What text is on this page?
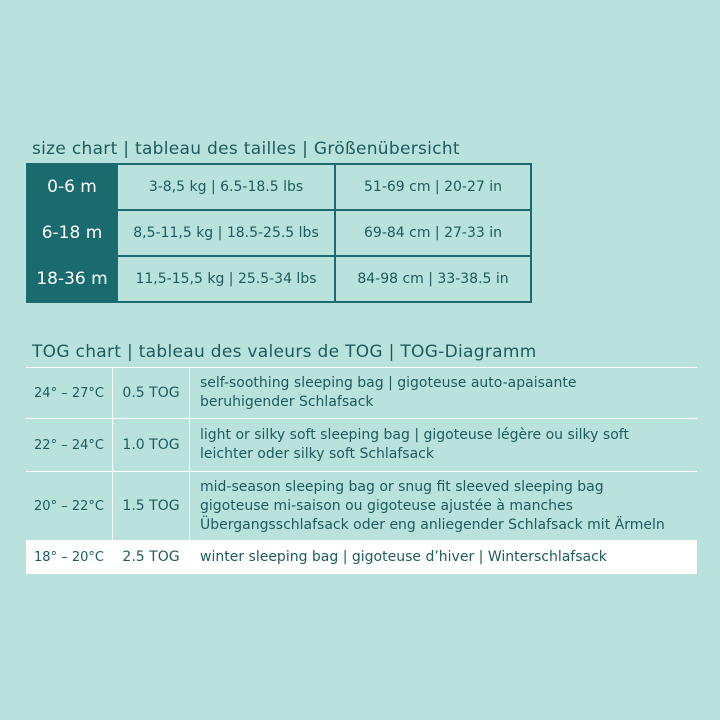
size chart | tableau des tailles | Größenübersicht
0-6 m	3-8,5 kg | 6.5-18.5 lbs	51-69 cm | 20-27 in
6-18 m	8,5-11,5 kg | 18.5-25.5 lbs	69-84 cm | 27-33 in
18-36 m	11,5-15,5 kg | 25.5-34 lbs	84-98 cm | 33-38.5 in
TOG chart | tableau des valeurs de TOG | TOG-Diagramm
24° – 27°C	0.5 TOG	self-soothing sleeping bag | gigoteuse auto-apaisante
beruhigender Schlafsack

22° – 24°C	1.0 TOG	light or silky soft sleeping bag | gigoteuse légère ou silky soft
leichter oder silky soft Schlafsack

20° – 22°C	1.5 TOG	mid-season sleeping bag or snug fit sleeved sleeping bag
gigoteuse mi-saison ou gigoteuse ajustée à manches
Übergangsschlafsack oder eng anliegender Schlafsack mit Ärmeln

18° – 20°C	2.5 TOG	winter sleeping bag | gigoteuse d’hiver | Winterschlafsack
